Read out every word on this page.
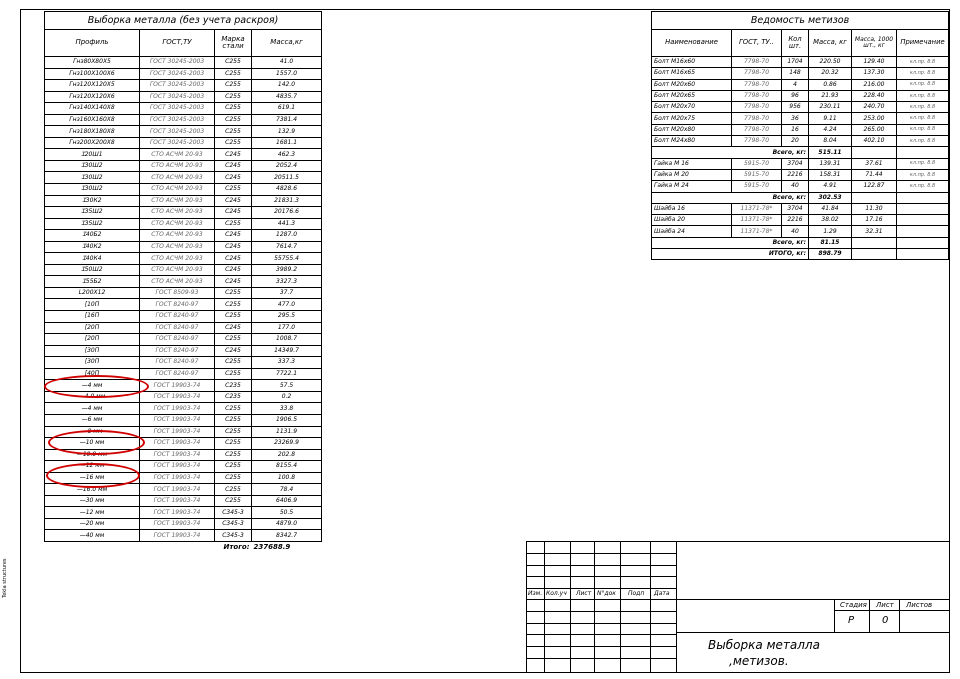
Выборка металла (без учета раскроя)			
Профиль	ГОСТ,ТУ	Марка стали	Масса,кг
Гнз80Х80Х5	ГОСТ 30245-2003	С255	41.0
Гнз100Х100Х6	ГОСТ 30245-2003	С255	1557.0
Гнз120Х120Х5	ГОСТ 30245-2003	С255	142.0
Гнз120Х120Х6	ГОСТ 30245-2003	С255	4835.7
Гнз140Х140Х8	ГОСТ 30245-2003	С255	619.1
Гнз160Х160Х8	ГОСТ 30245-2003	С255	7381.4
Гнз180Х180Х8	ГОСТ 30245-2003	С255	132.9
Гнз200Х200Х8	ГОСТ 30245-2003	С255	1681.1
Ɪ20Ш1	СТО АСЧМ 20-93	С245	462.3
Ɪ30Ш2	СТО АСЧМ 20-93	С245	2052.4
Ɪ30Ш2	СТО АСЧМ 20-93	С245	20511.5
Ɪ30Ш2	СТО АСЧМ 20-93	С255	4828.6
Ɪ30К2	СТО АСЧМ 20-93	С245	21831.3
Ɪ35Ш2	СТО АСЧМ 20-93	С245	20176.6
Ɪ35Ш2	СТО АСЧМ 20-93	С255	441.3
Ɪ40Б2	СТО АСЧМ 20-93	С245	1287.0
Ɪ40К2	СТО АСЧМ 20-93	С245	7614.7
Ɪ40К4	СТО АСЧМ 20-93	С245	55755.4
Ɪ50Ш2	СТО АСЧМ 20-93	С245	3989.2
Ɪ55Б2	СТО АСЧМ 20-93	С245	3327.3
L200Х12	ГОСТ 8509-93	С255	37.7
[10П	ГОСТ 8240-97	С255	477.0
[16П	ГОСТ 8240-97	С255	295.5
[20П	ГОСТ 8240-97	С245	177.0
[20П	ГОСТ 8240-97	С255	1008.7
[30П	ГОСТ 8240-97	С245	14349.7
[30П	ГОСТ 8240-97	С255	337.3
[40П	ГОСТ 8240-97	С255	7722.1
—4 мм	ГОСТ 19903-74	С235	57.5
—4.0 мм	ГОСТ 19903-74	С235	0.2
—4 мм	ГОСТ 19903-74	С255	33.8
—6 мм	ГОСТ 19903-74	С255	1906.5
—8 мм	ГОСТ 19903-74	С255	1131.9
—10 мм	ГОСТ 19903-74	С255	23269.9
—10.0 мм	ГОСТ 19903-74	С255	202.8
—12 мм	ГОСТ 19903-74	С255	8155.4
—16 мм	ГОСТ 19903-74	С255	100.8
—16.0 мм	ГОСТ 19903-74	С255	78.4
—30 мм	ГОСТ 19903-74	С255	6406.9
—12 мм	ГОСТ 19903-74	С345-3	50.5
—20 мм	ГОСТ 19903-74	С345-3	4879.0
—40 мм	ГОСТ 19903-74	С345-3	8342.7
		Итого:	237688.9
Ведомость метизов					
Наименование	ГОСТ, ТУ..	Кол шт.	Масса, кг	Масса, 1000 шт., кг	Примечание
Болт М16х60	7798-70	1704	220.50	129.40	кл.пр. 8.8
Болт М16х65	7798-70	148	20.32	137.30	кл.пр. 8.8
Болт М20х60	7798-70	4	0.86	216.00	кл.пр. 8.8
Болт М20х65	7798-70	96	21.93	228.40	кл.пр. 8.8
Болт М20х70	7798-70	956	230.11	240.70	кл.пр. 8.8
Болт М20х75	7798-70	36	9.11	253.00	кл.пр. 8.8
Болт М20х80	7798-70	16	4.24	265.00	кл.пр. 8.8
Болт М24х80	7798-70	20	8.04	402.10	кл.пр. 8.8
Всего, кг:			515.11		
Гайка М 16	5915-70	3704	139.31	37.61	кл.пр. 8.8
Гайка М 20	5915-70	2216	158.31	71.44	кл.пр. 8.8
Гайка М 24	5915-70	40	4.91	122.87	кл.пр. 8.8
Всего, кг:			302.53		
Шайба 16	11371-78*	3704	41.84	11.30	
Шайба 20	11371-78*	2216	38.02	17.16	
Шайба 24	11371-78*	40	1.29	32.31	
Всего, кг:			81.15		
ИТОГО, кг:			898.79		
Изм. Кол.уч Лист N°док Подп Дата
Стадия Лист Листов
Р	0
Выборка металла
,метизов.
Tekla structures
